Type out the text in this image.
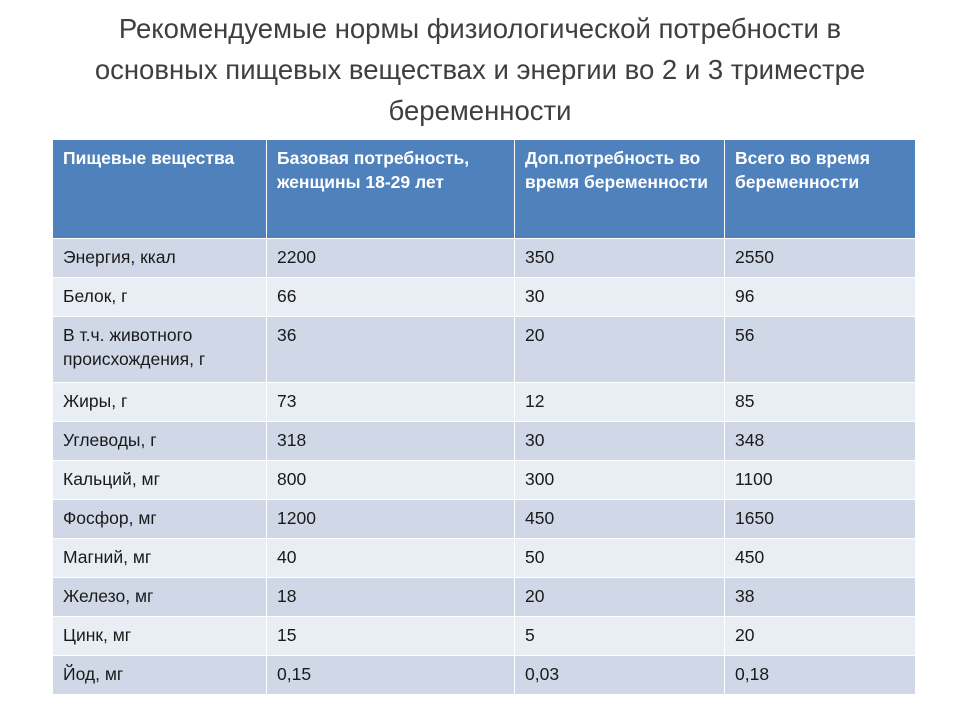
Рекомендуемые нормы физиологической потребности в
основных пищевых веществах и энергии во 2 и 3 триместре
беременности
Пищевые вещества	Базовая потребность, женщины 18-29 лет	Доп.потребность во время беременности	Всего во время беременности
Энергия, ккал	2200	350	2550
Белок, г	66	30	96
В т.ч. животного происхождения, г	36	20	56
Жиры, г	73	12	85
Углеводы, г	318	30	348
Кальций, мг	800	300	1100
Фосфор, мг	1200	450	1650
Магний, мг	40	50	450
Железо, мг	18	20	38
Цинк, мг	15	5	20
Йод, мг	0,15	0,03	0,18
